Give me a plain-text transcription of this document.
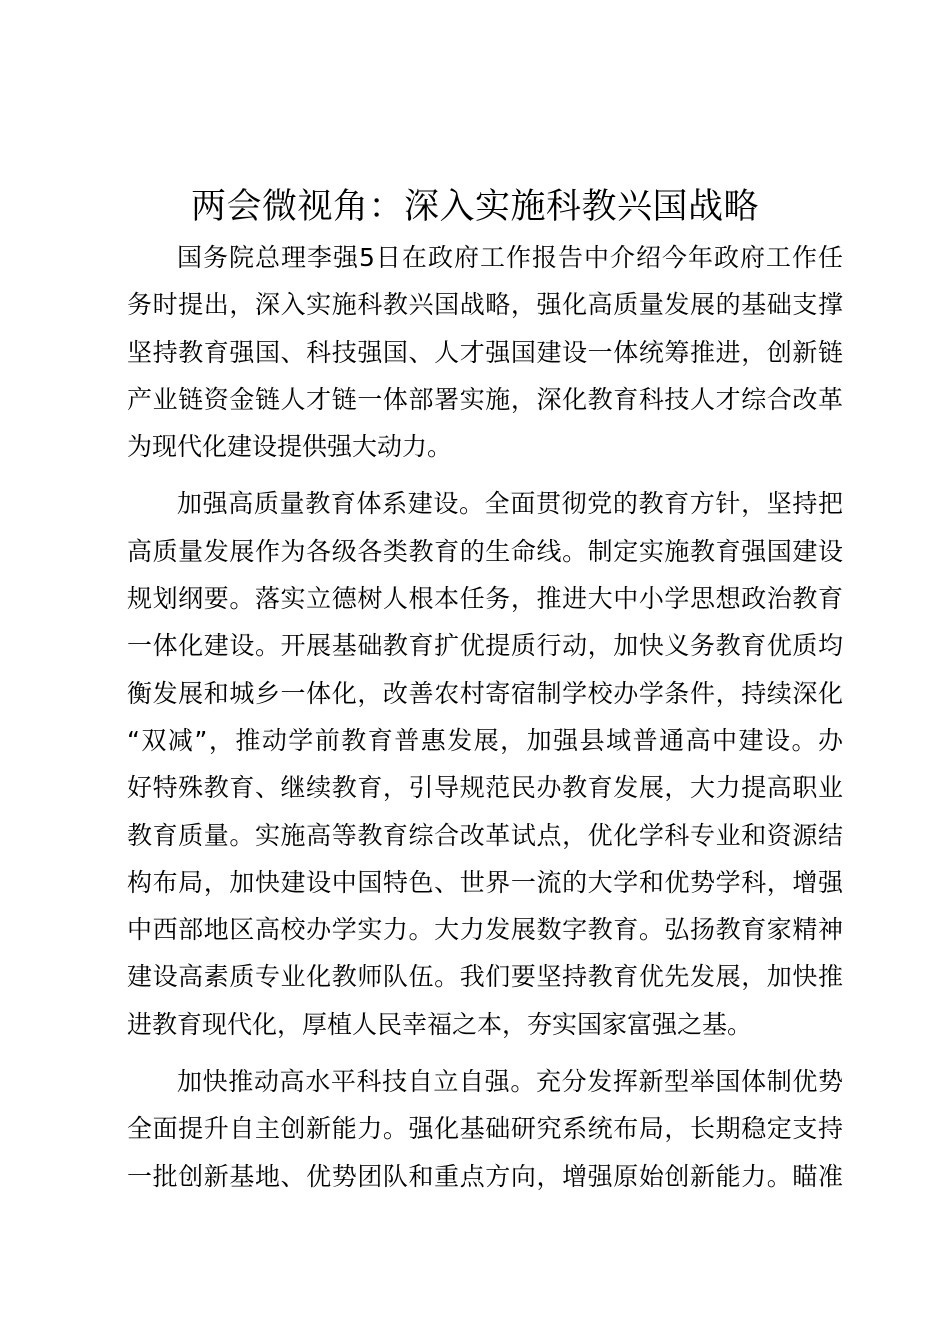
两会微视角：深入实施科教兴国战略

国务院总理李强5日在政府工作报告中介绍今年政府工作任
务时提出，深入实施科教兴国战略，强化高质量发展的基础支撑
坚持教育强国、科技强国、人才强国建设一体统筹推进，创新链
产业链资金链人才链一体部署实施，深化教育科技人才综合改革
为现代化建设提供强大动力。

加强高质量教育体系建设。全面贯彻党的教育方针，坚持把
高质量发展作为各级各类教育的生命线。制定实施教育强国建设
规划纲要。落实立德树人根本任务，推进大中小学思想政治教育
一体化建设。开展基础教育扩优提质行动，加快义务教育优质均
衡发展和城乡一体化，改善农村寄宿制学校办学条件，持续深化
“双减”，推动学前教育普惠发展，加强县域普通高中建设。办
好特殊教育、继续教育，引导规范民办教育发展，大力提高职业
教育质量。实施高等教育综合改革试点，优化学科专业和资源结
构布局，加快建设中国特色、世界一流的大学和优势学科，增强
中西部地区高校办学实力。大力发展数字教育。弘扬教育家精神
建设高素质专业化教师队伍。我们要坚持教育优先发展，加快推
进教育现代化，厚植人民幸福之本，夯实国家富强之基。

加快推动高水平科技自立自强。充分发挥新型举国体制优势
全面提升自主创新能力。强化基础研究系统布局，长期稳定支持
一批创新基地、优势团队和重点方向，增强原始创新能力。瞄准
